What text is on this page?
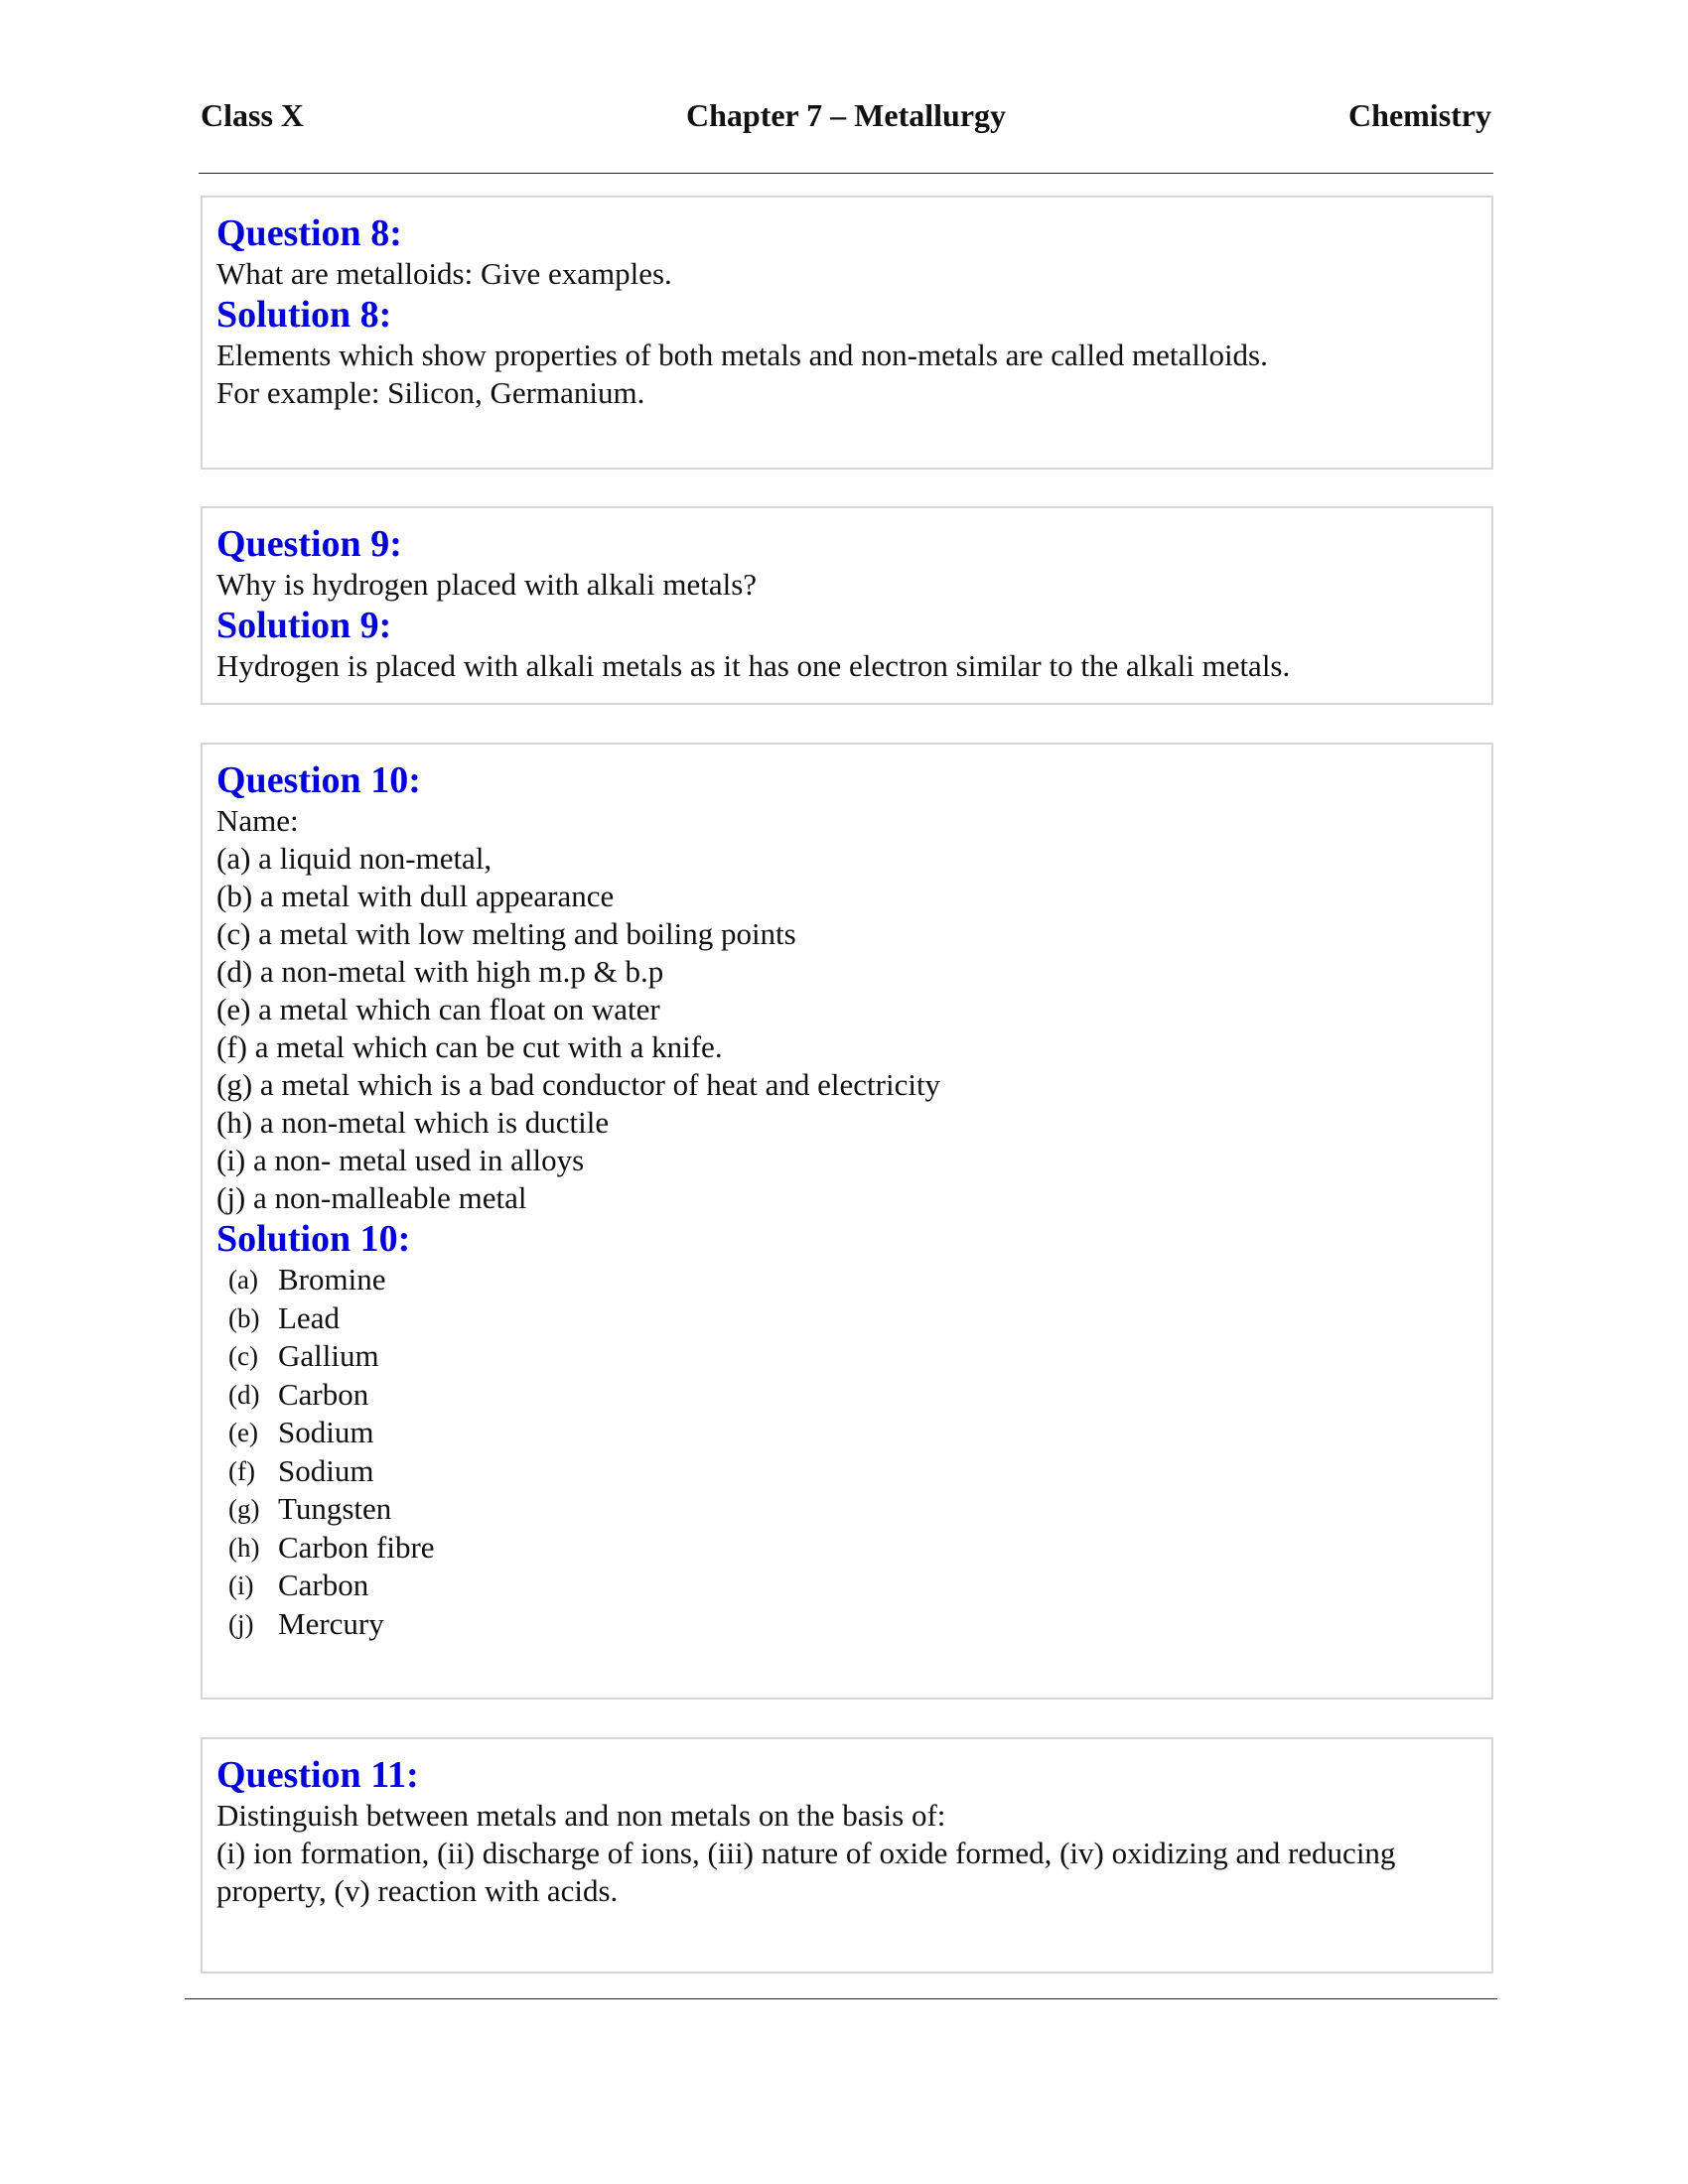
Class X	Chapter 7 – Metallurgy	Chemistry

Question 8:

What are metalloids: Give examples.

Solution 8:

Elements which show properties of both metals and non-metals are called metalloids.

For example: Silicon, Germanium.

Question 9:

Why is hydrogen placed with alkali metals?

Solution 9:

Hydrogen is placed with alkali metals as it has one electron similar to the alkali metals.

Question 10:

Name:

(a) a liquid non-metal,

(b) a metal with dull appearance

(c) a metal with low melting and boiling points

(d) a non-metal with high m.p & b.p

(e) a metal which can float on water

(f) a metal which can be cut with a knife.

(g) a metal which is a bad conductor of heat and electricity

(h) a non-metal which is ductile

(i) a non- metal used in alloys

(j) a non-malleable metal

Solution 10:

(a) Bromine
(b) Lead
(c) Gallium
(d) Carbon
(e) Sodium
(f) Sodium
(g) Tungsten
(h) Carbon fibre
(i) Carbon
(j) Mercury

Question 11:

Distinguish between metals and non metals on the basis of:

(i) ion formation, (ii) discharge of ions, (iii) nature of oxide formed, (iv) oxidizing and reducing

property, (v) reaction with acids.
